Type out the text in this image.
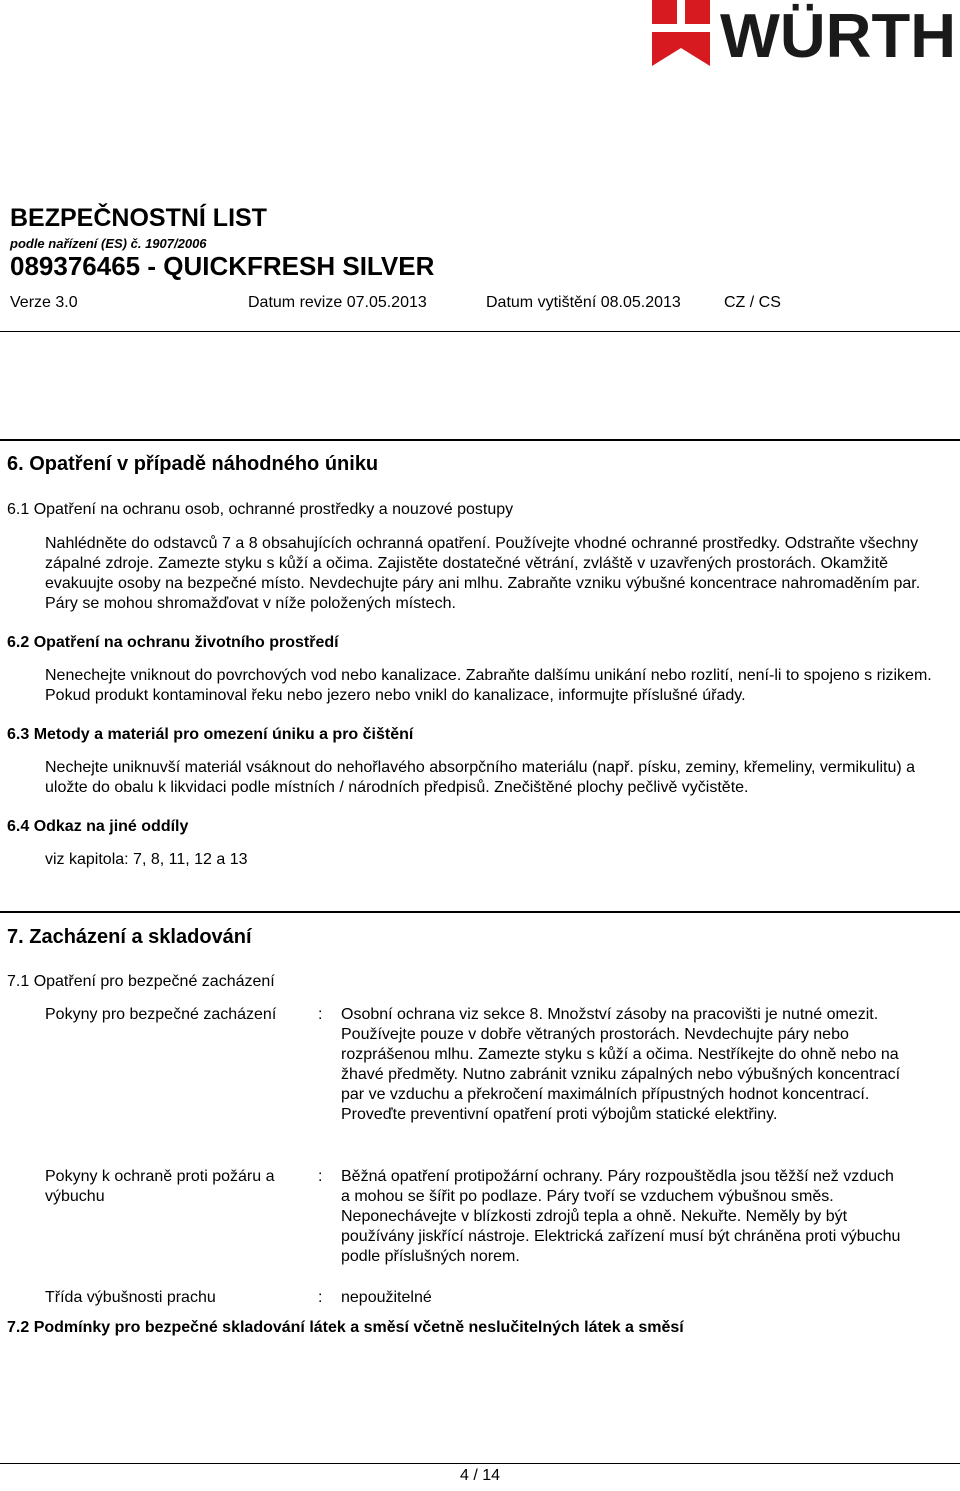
WÜRTH
BEZPEČNOSTNÍ LIST
podle nařízení (ES) č. 1907/2006
089376465 - QUICKFRESH SILVER
Verze 3.0	Datum revize 07.05.2013	Datum vytištění 08.05.2013	CZ / CS
6. Opatření v případě náhodného úniku
6.1 Opatření na ochranu osob, ochranné prostředky a nouzové postupy
Nahlédněte do odstavců 7 a 8 obsahujících ochranná opatření. Používejte vhodné ochranné prostředky. Odstraňte všechny zápalné zdroje. Zamezte styku s kůží a očima. Zajistěte dostatečné větrání, zvláště v uzavřených prostorách. Okamžitě evakuujte osoby na bezpečné místo. Nevdechujte páry ani mlhu. Zabraňte vzniku výbušné koncentrace nahromaděním par. Páry se mohou shromažďovat v níže položených místech.
6.2 Opatření na ochranu životního prostředí
Nenechejte vniknout do povrchových vod nebo kanalizace. Zabraňte dalšímu unikání nebo rozlití, není-li to spojeno s rizikem. Pokud produkt kontaminoval řeku nebo jezero nebo vnikl do kanalizace, informujte příslušné úřady.
6.3 Metody a materiál pro omezení úniku a pro čištění
Nechejte uniknuvší materiál vsáknout do nehořlavého absorpčního materiálu (např. písku, zeminy, křemeliny, vermikulitu) a uložte do obalu k likvidaci podle místních / národních předpisů. Znečištěné plochy pečlivě vyčistěte.
6.4 Odkaz na jiné oddíly
viz kapitola: 7, 8, 11, 12 a 13
7. Zacházení a skladování
7.1 Opatření pro bezpečné zacházení
Pokyny pro bezpečné zacházení	: Osobní ochrana viz sekce 8. Množství zásoby na pracovišti je nutné omezit. Používejte pouze v dobře větraných prostorách. Nevdechujte páry nebo rozprášenou mlhu. Zamezte styku s kůží a očima. Nestříkejte do ohně nebo na žhavé předměty. Nutno zabránit vzniku zápalných nebo výbušných koncentrací par ve vzduchu a překročení maximálních přípustných hodnot koncentrací. Proveďte preventivní opatření proti výbojům statické elektřiny.
Pokyny k ochraně proti požáru a výbuchu
: Běžná opatření protipožární ochrany. Páry rozpouštědla jsou těžší než vzduch a mohou se šířit po podlaze. Páry tvoří se vzduchem výbušnou směs. Neponechávejte v blízkosti zdrojů tepla a ohně. Nekuřte. Neměly by být používány jiskřící nástroje. Elektrická zařízení musí být chráněna proti výbuchu podle příslušných norem.
Třída výbušnosti prachu	: nepoužitelné
7.2 Podmínky pro bezpečné skladování látek a směsí včetně neslučitelných látek a směsí
4 / 14
